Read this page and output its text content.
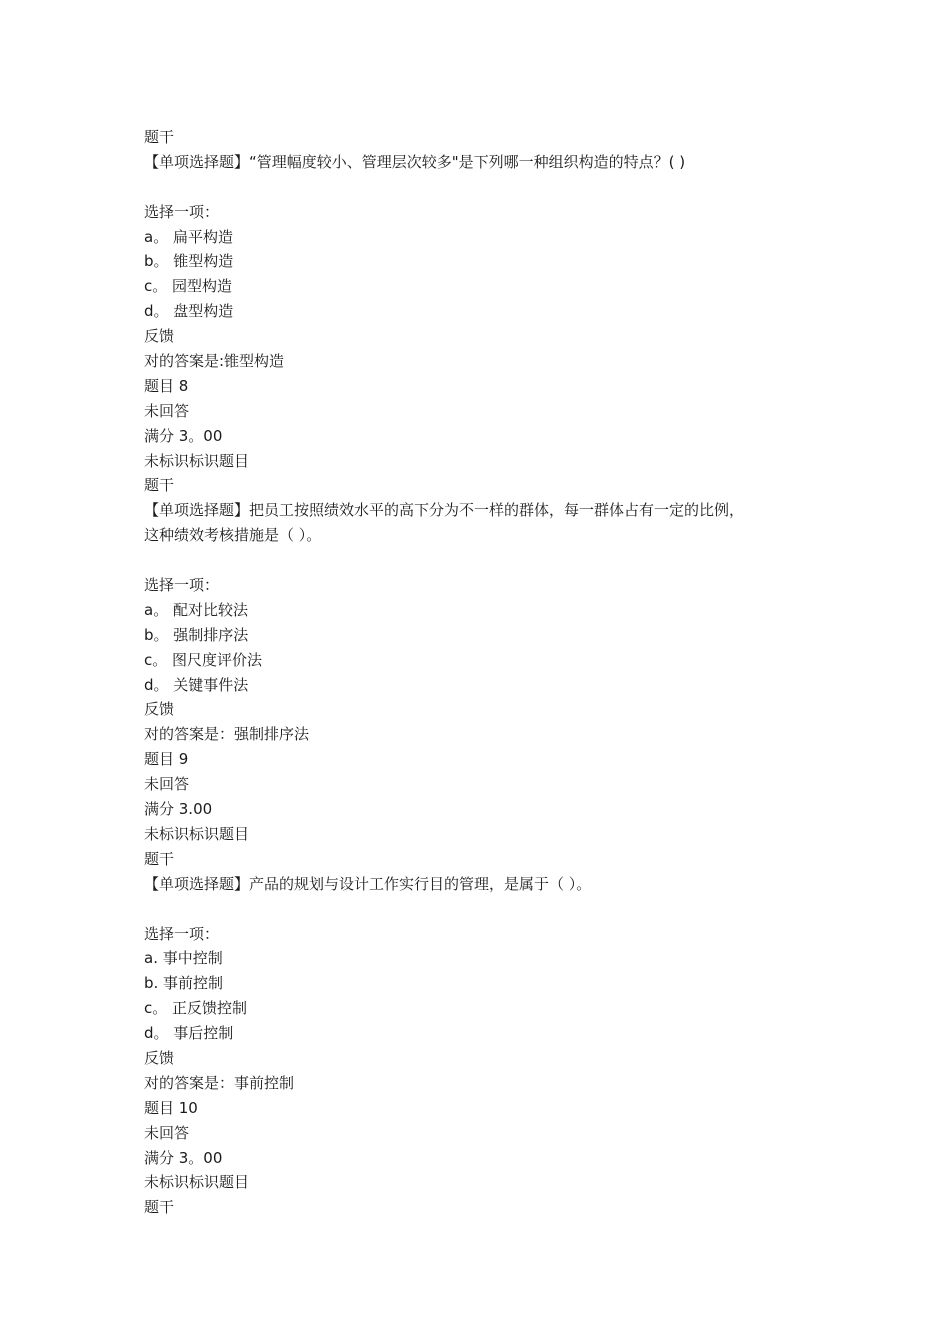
题干
【单项选择题】“管理幅度较小、管理层次较多"是下列哪一种组织构造的特点？( )
选择一项：
a。 扁平构造
b。 锥型构造
c。 园型构造
d。 盘型构造
反馈
对的答案是:锥型构造
题目 8
未回答
满分 3。00
未标识标识题目
题干
【单项选择题】把员工按照绩效水平的高下分为不一样的群体，每一群体占有一定的比例，
这种绩效考核措施是（ ）。
选择一项：
a。 配对比较法
b。 强制排序法
c。 图尺度评价法
d。 关键事件法
反馈
对的答案是：强制排序法
题目 9
未回答
满分 3.00
未标识标识题目
题干
【单项选择题】产品的规划与设计工作实行目的管理，是属于（ ）。
选择一项：
a. 事中控制
b. 事前控制
c。 正反馈控制
d。 事后控制
反馈
对的答案是：事前控制
题目 10
未回答
满分 3。00
未标识标识题目
题干
